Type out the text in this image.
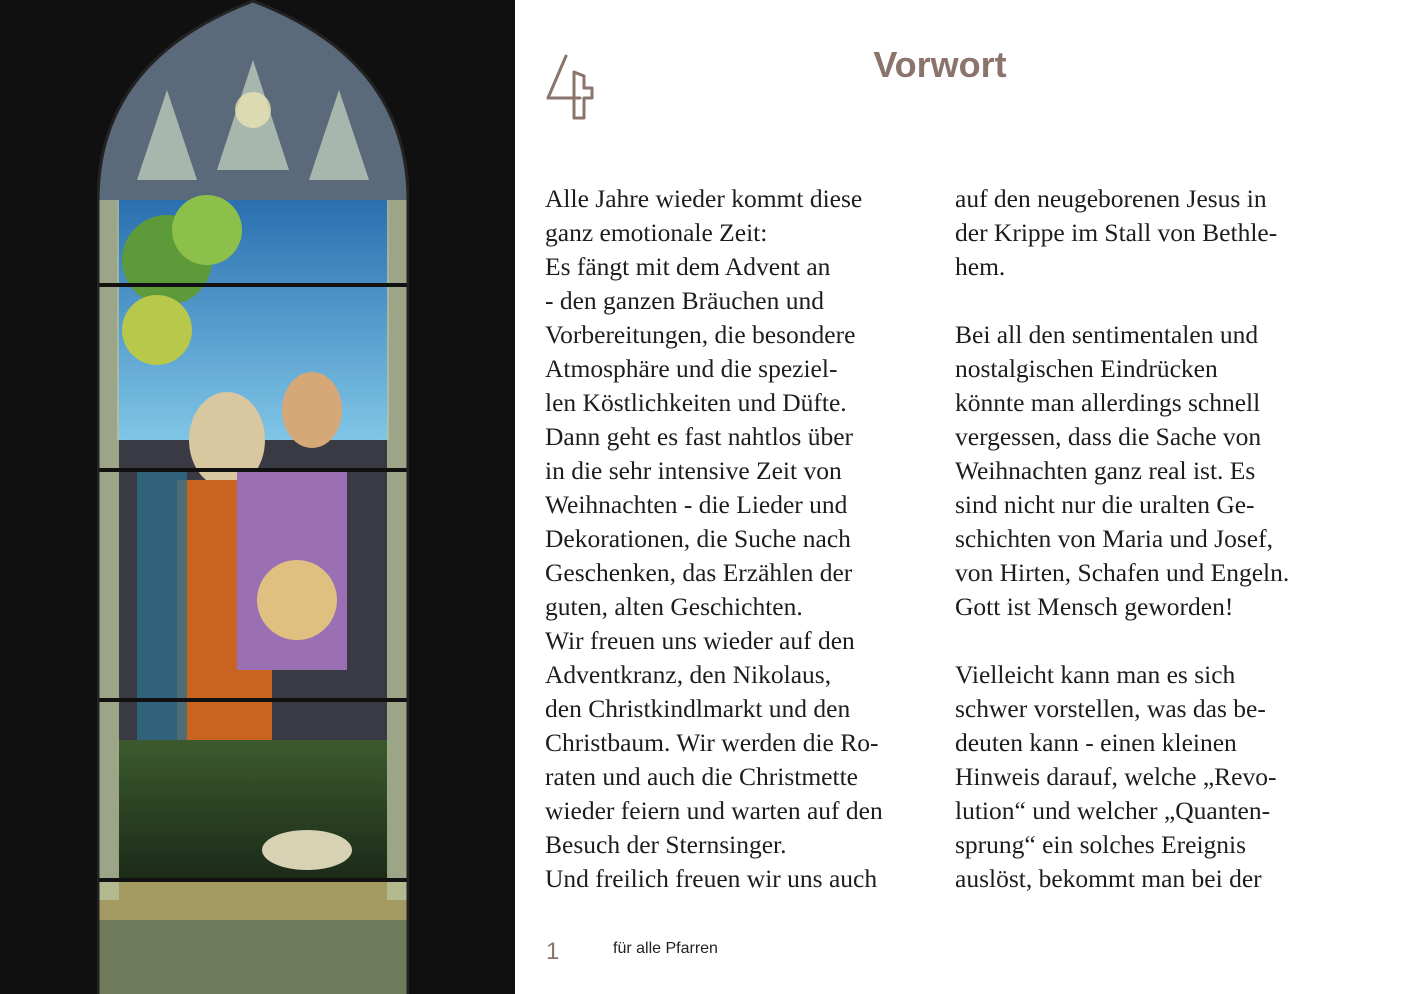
Vorwort

Alle Jahre wieder kommt diese

ganz emotionale Zeit:

Es fängt mit dem Advent an

- den ganzen Bräuchen und

Vorbereitungen, die besondere

Atmosphäre und die speziel-

len Köstlichkeiten und Düfte.

Dann geht es fast nahtlos über

in die sehr intensive Zeit von

Weihnachten - die Lieder und

Dekorationen, die Suche nach

Geschenken, das Erzählen der

guten, alten Geschichten.

Wir freuen uns wieder auf den

Adventkranz, den Nikolaus,

den Christkindlmarkt und den

Christbaum. Wir werden die Ro-

raten und auch die Christmette

wieder feiern und warten auf den

Besuch der Sternsinger.

Und freilich freuen wir uns auch

auf den neugeborenen Jesus in

der Krippe im Stall von Bethle-

hem.

Bei all den sentimentalen und

nostalgischen Eindrücken

könnte man allerdings schnell

vergessen, dass die Sache von

Weihnachten ganz real ist. Es

sind nicht nur die uralten Ge-

schichten von Maria und Josef,

von Hirten, Schafen und Engeln.

Gott ist Mensch geworden!

Vielleicht kann man es sich

schwer vorstellen, was das be-

deuten kann - einen kleinen

Hinweis darauf, welche „Revo-

lution“ und welcher „Quanten-

sprung“ ein solches Ereignis

auslöst, bekommt man bei der

1	für alle Pfarren
